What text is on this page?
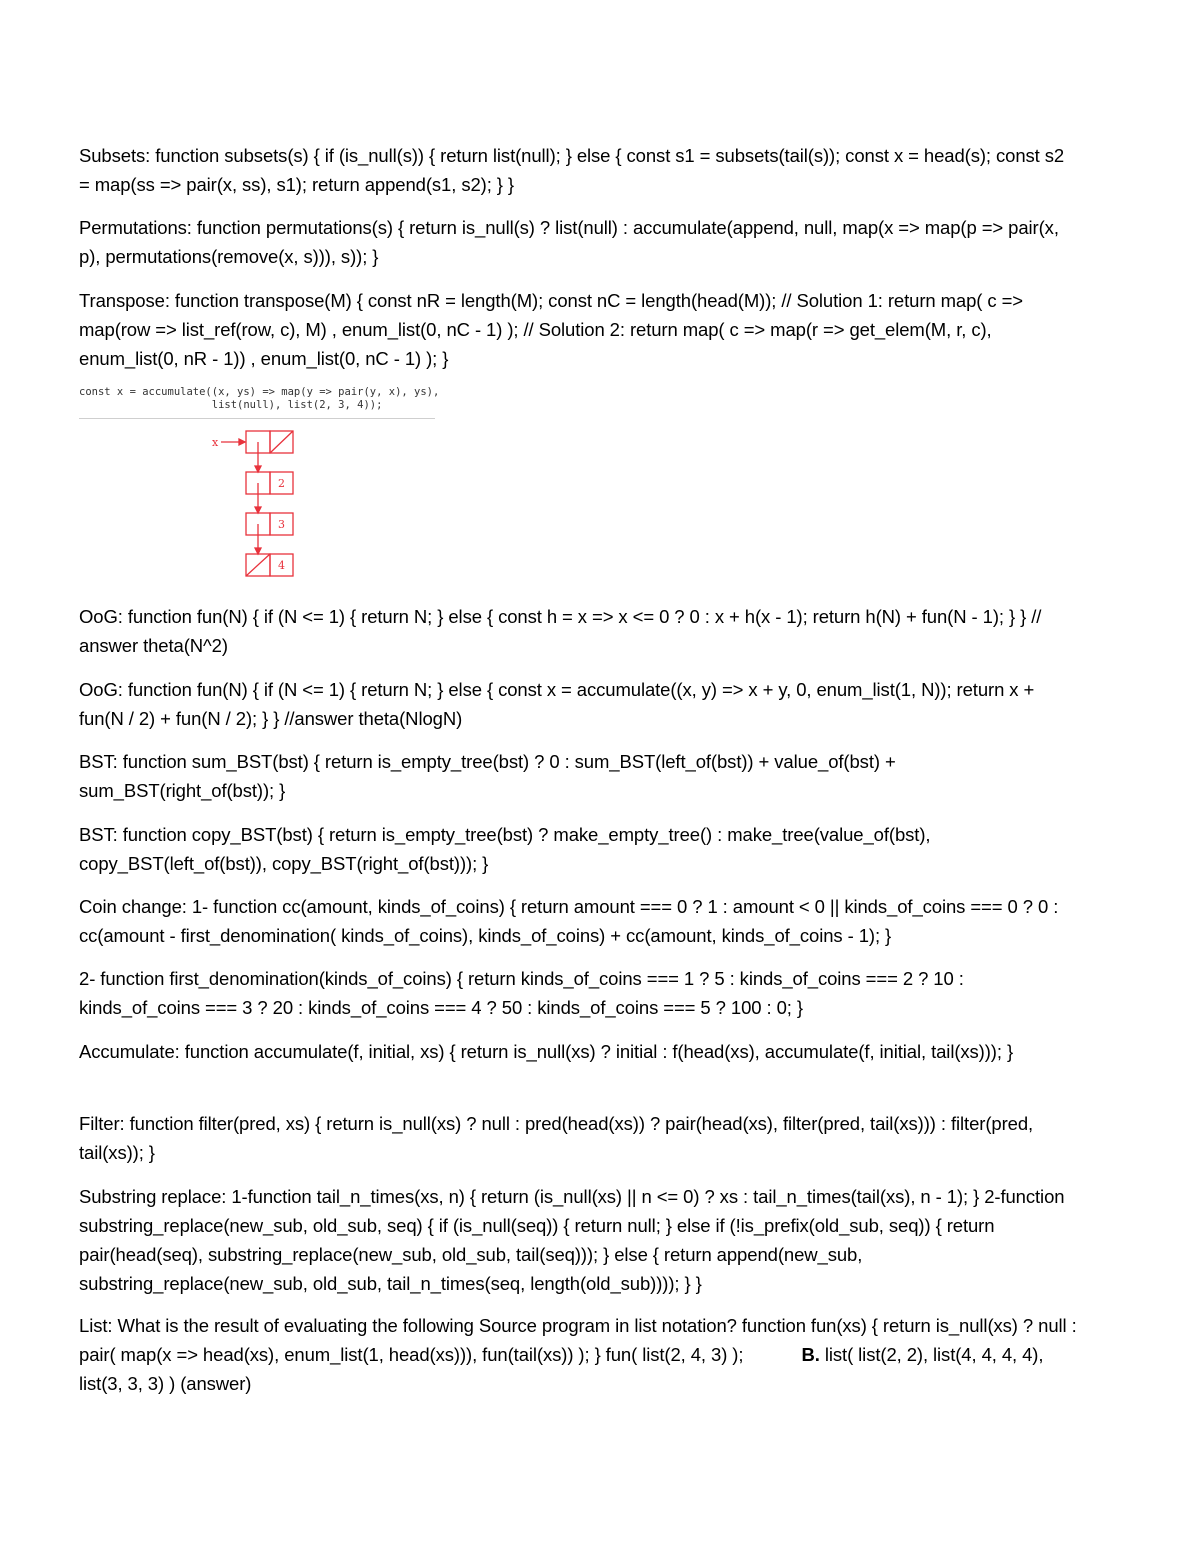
Subsets: function subsets(s) { if (is_null(s)) { return list(null); } else { const s1 = subsets(tail(s)); const x = head(s); const s2 = map(ss => pair(x, ss), s1); return append(s1, s2); } }

Permutations: function permutations(s) { return is_null(s) ? list(null) : accumulate(append, null, map(x => map(p => pair(x, p), permutations(remove(x, s))), s)); }

Transpose: function transpose(M) { const nR = length(M); const nC = length(head(M)); // Solution 1: return map( c => map(row => list_ref(row, c), M) , enum_list(0, nC - 1) ); // Solution 2: return map( c => map(r => get_elem(M, r, c), enum_list(0, nR - 1)) , enum_list(0, nC - 1) ); }

const x = accumulate((x, ys) => map(y => pair(y, x), ys),
list(null), list(2, 3, 4));
x
2
3
4

OoG: function fun(N) { if (N <= 1) { return N; } else { const h = x => x <= 0 ? 0 : x + h(x - 1); return h(N) + fun(N - 1); } } // answer theta(N^2)

OoG: function fun(N) { if (N <= 1) { return N; } else { const x = accumulate((x, y) => x + y, 0, enum_list(1, N)); return x + fun(N / 2) + fun(N / 2); } } //answer theta(NlogN)

BST: function sum_BST(bst) { return is_empty_tree(bst) ? 0 : sum_BST(left_of(bst)) + value_of(bst) + sum_BST(right_of(bst)); }

BST: function copy_BST(bst) { return is_empty_tree(bst) ? make_empty_tree() : make_tree(value_of(bst), copy_BST(left_of(bst)), copy_BST(right_of(bst))); }

Coin change: 1- function cc(amount, kinds_of_coins) { return amount === 0 ? 1 : amount < 0 || kinds_of_coins === 0 ? 0 : cc(amount - first_denomination( kinds_of_coins), kinds_of_coins) + cc(amount, kinds_of_coins - 1); }

2- function first_denomination(kinds_of_coins) { return kinds_of_coins === 1 ? 5 : kinds_of_coins === 2 ? 10 : kinds_of_coins === 3 ? 20 : kinds_of_coins === 4 ? 50 : kinds_of_coins === 5 ? 100 : 0; }

Accumulate: function accumulate(f, initial, xs) { return is_null(xs) ? initial : f(head(xs), accumulate(f, initial, tail(xs))); }

Filter: function filter(pred, xs) { return is_null(xs) ? null : pred(head(xs)) ? pair(head(xs), filter(pred, tail(xs))) : filter(pred, tail(xs)); }

Substring replace: 1-function tail_n_times(xs, n) { return (is_null(xs) || n <= 0) ? xs : tail_n_times(tail(xs), n - 1); } 2-function substring_replace(new_sub, old_sub, seq) { if (is_null(seq)) { return null; } else if (!is_prefix(old_sub, seq)) { return pair(head(seq), substring_replace(new_sub, old_sub, tail(seq))); } else { return append(new_sub, substring_replace(new_sub, old_sub, tail_n_times(seq, length(old_sub)))); } }

List: What is the result of evaluating the following Source program in list notation? function fun(xs) { return is_null(xs) ? null : pair( map(x => head(xs), enum_list(1, head(xs))), fun(tail(xs)) ); } fun( list(2, 4, 3) );	B. list( list(2, 2), list(4, 4, 4, 4), list(3, 3, 3) ) (answer)
